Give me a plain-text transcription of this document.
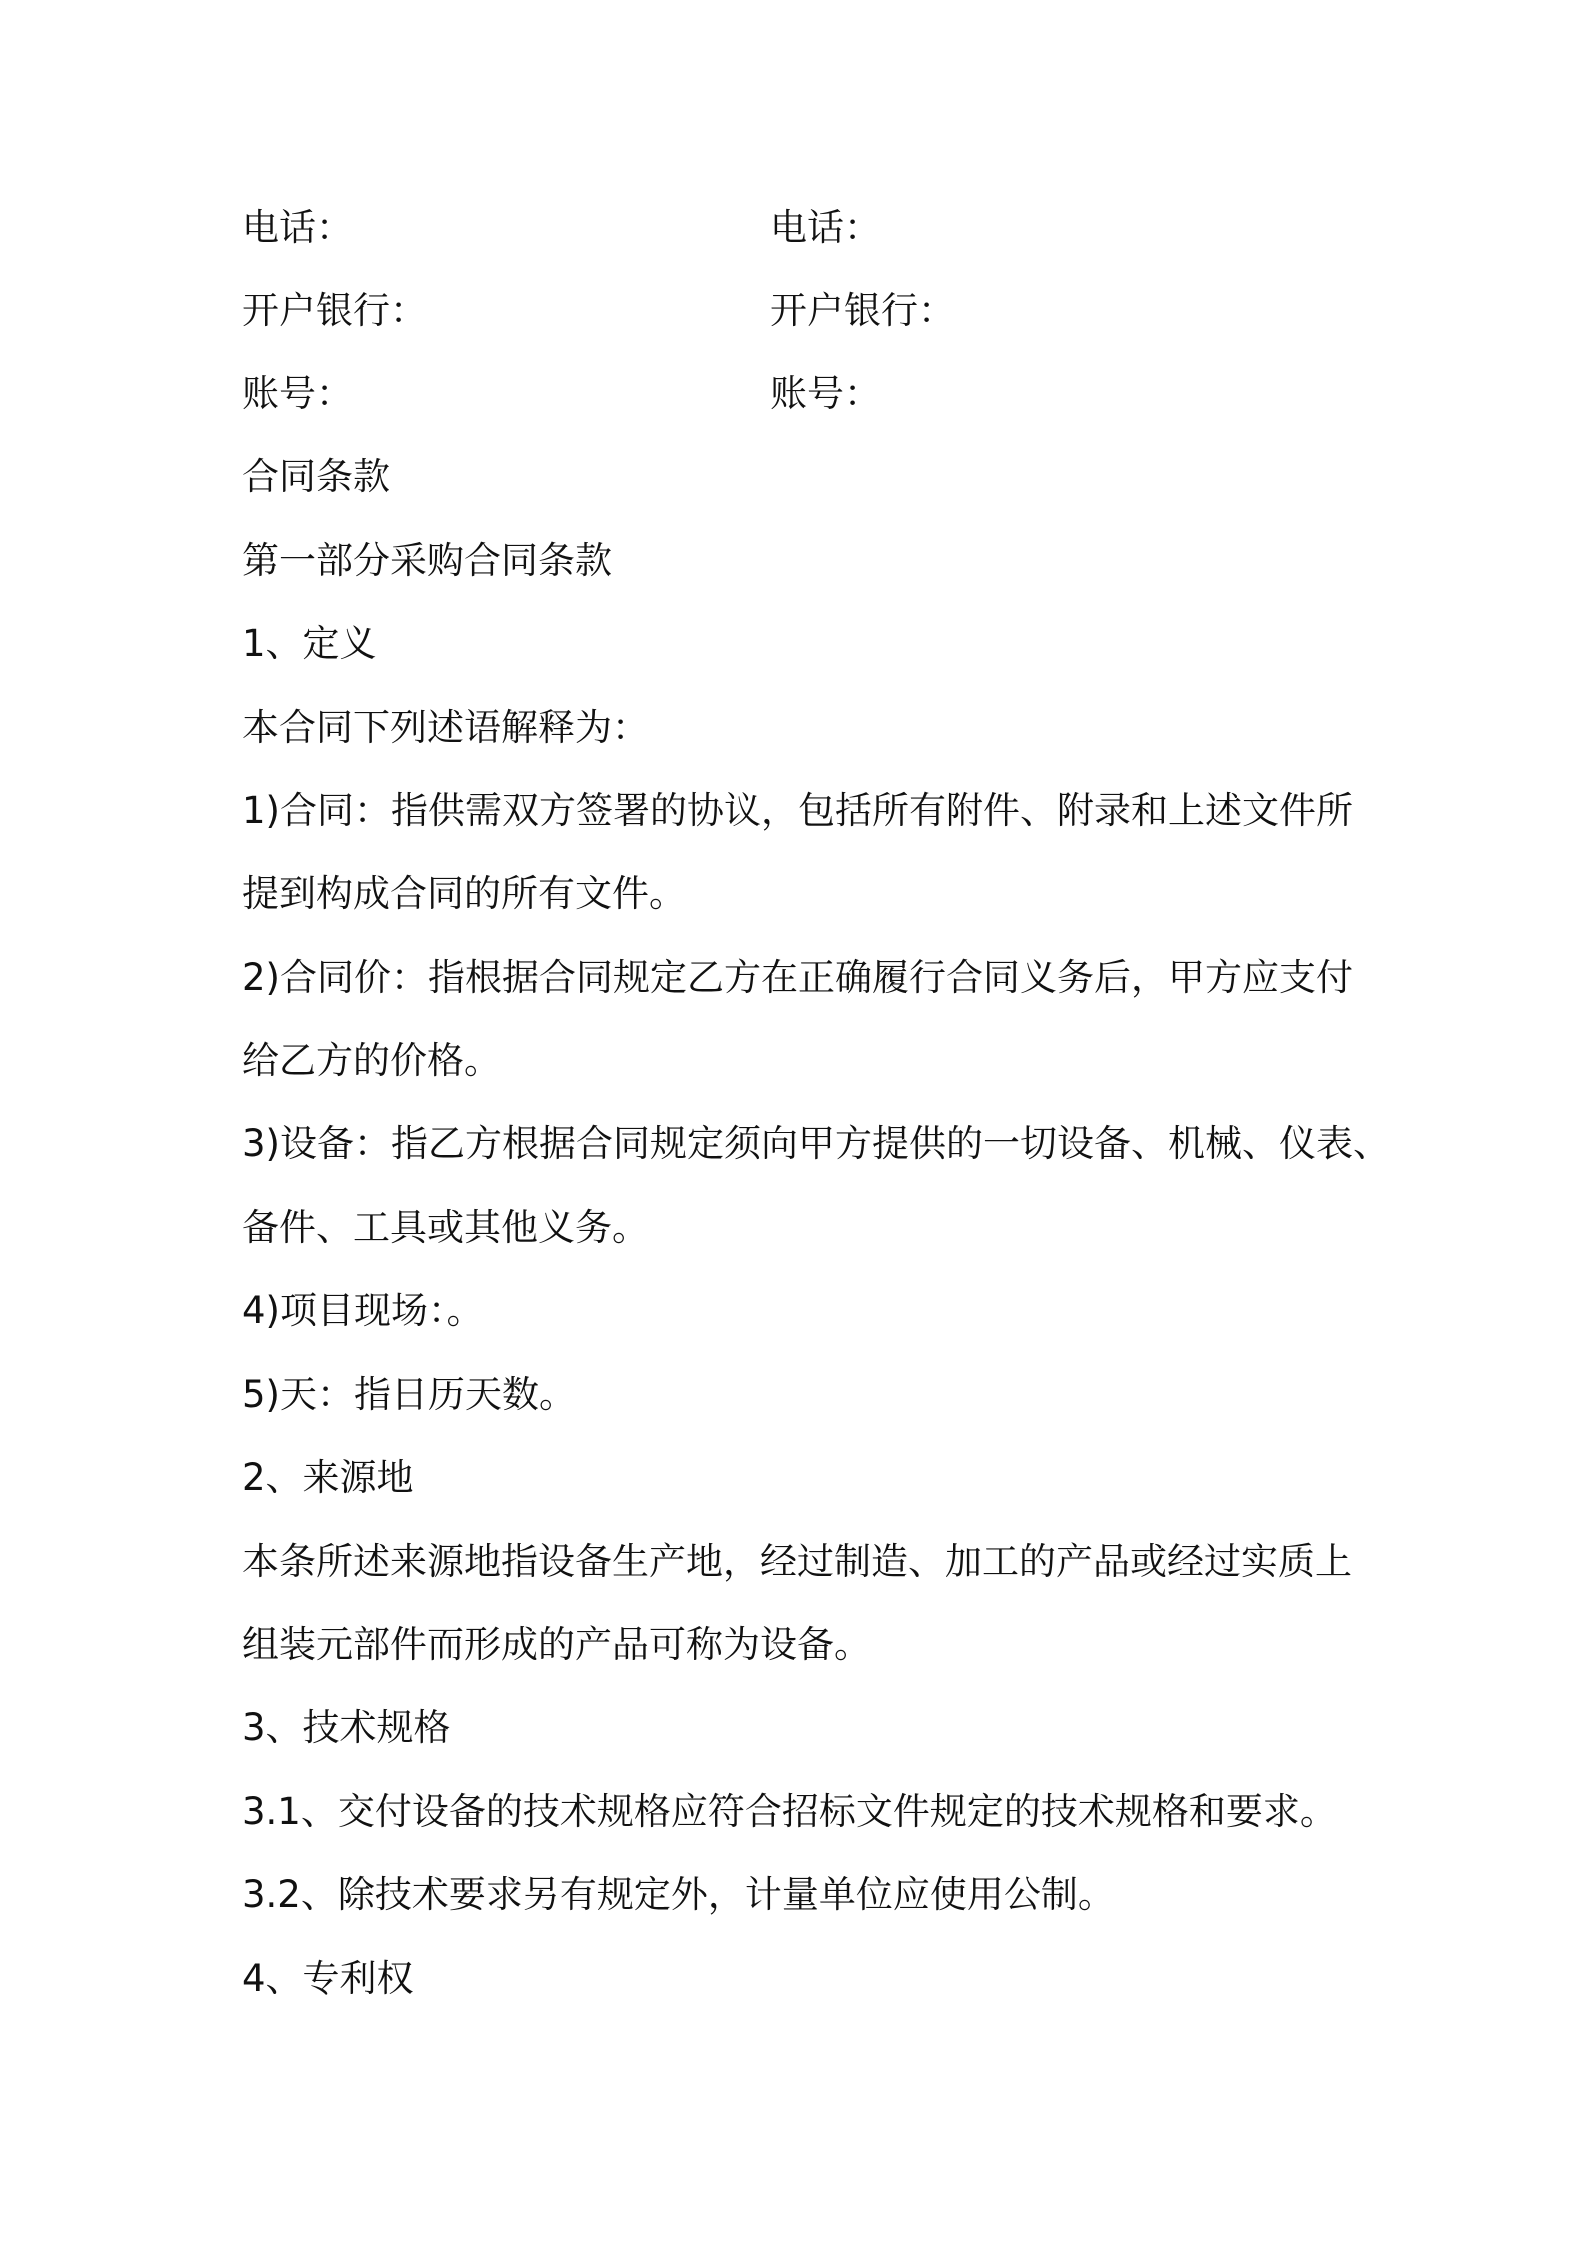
电话：	电话：
开户银行：	开户银行：
账号：	账号：
合同条款
第一部分采购合同条款
1、定义
本合同下列述语解释为：
1)合同：指供需双方签署的协议，包括所有附件、附录和上述文件所
提到构成合同的所有文件。
2)合同价：指根据合同规定乙方在正确履行合同义务后，甲方应支付
给乙方的价格。
3)设备：指乙方根据合同规定须向甲方提供的一切设备、机械、仪表、
备件、工具或其他义务。
4)项目现场：。
5)天：指日历天数。
2、来源地
本条所述来源地指设备生产地，经过制造、加工的产品或经过实质上
组装元部件而形成的产品可称为设备。
3、技术规格
3.1、交付设备的技术规格应符合招标文件规定的技术规格和要求。
3.2、除技术要求另有规定外，计量单位应使用公制。
4、专利权
